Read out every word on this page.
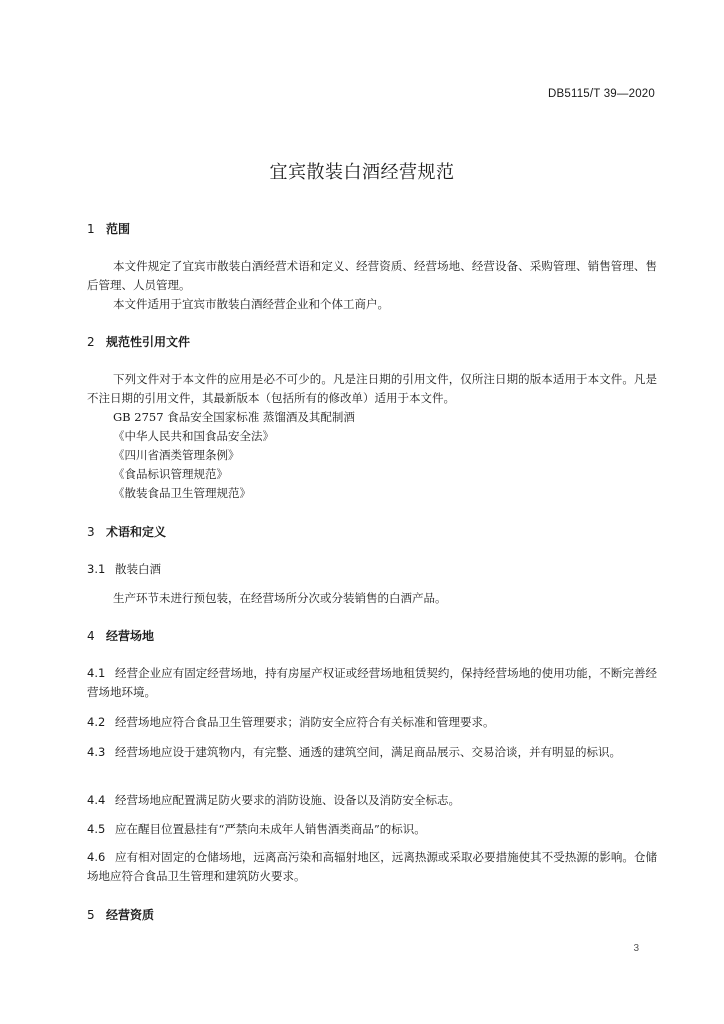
DB5115/T 39—2020
宜宾散装白酒经营规范
1 范围
本文件规定了宜宾市散装白酒经营术语和定义、经营资质、经营场地、经营设备、采购管理、销售管理、售后管理、人员管理。
本文件适用于宜宾市散装白酒经营企业和个体工商户。
2 规范性引用文件
下列文件对于本文件的应用是必不可少的。凡是注日期的引用文件，仅所注日期的版本适用于本文件。凡是不注日期的引用文件，其最新版本（包括所有的修改单）适用于本文件。
GB 2757 食品安全国家标准 蒸馏酒及其配制酒
《中华人民共和国食品安全法》
《四川省酒类管理条例》
《食品标识管理规范》
《散装食品卫生管理规范》
3 术语和定义
3.1 散装白酒
生产环节未进行预包装，在经营场所分次或分装销售的白酒产品。
4 经营场地
4.1 经营企业应有固定经营场地，持有房屋产权证或经营场地租赁契约，保持经营场地的使用功能，不断完善经营场地环境。
4.2 经营场地应符合食品卫生管理要求；消防安全应符合有关标准和管理要求。
4.3 经营场地应设于建筑物内，有完整、通透的建筑空间，满足商品展示、交易洽谈，并有明显的标识。
4.4 经营场地应配置满足防火要求的消防设施、设备以及消防安全标志。
4.5 应在醒目位置悬挂有“严禁向未成年人销售酒类商品”的标识。
4.6 应有相对固定的仓储场地，远离高污染和高辐射地区，远离热源或采取必要措施使其不受热源的影响。仓储场地应符合食品卫生管理和建筑防火要求。
5 经营资质
3
